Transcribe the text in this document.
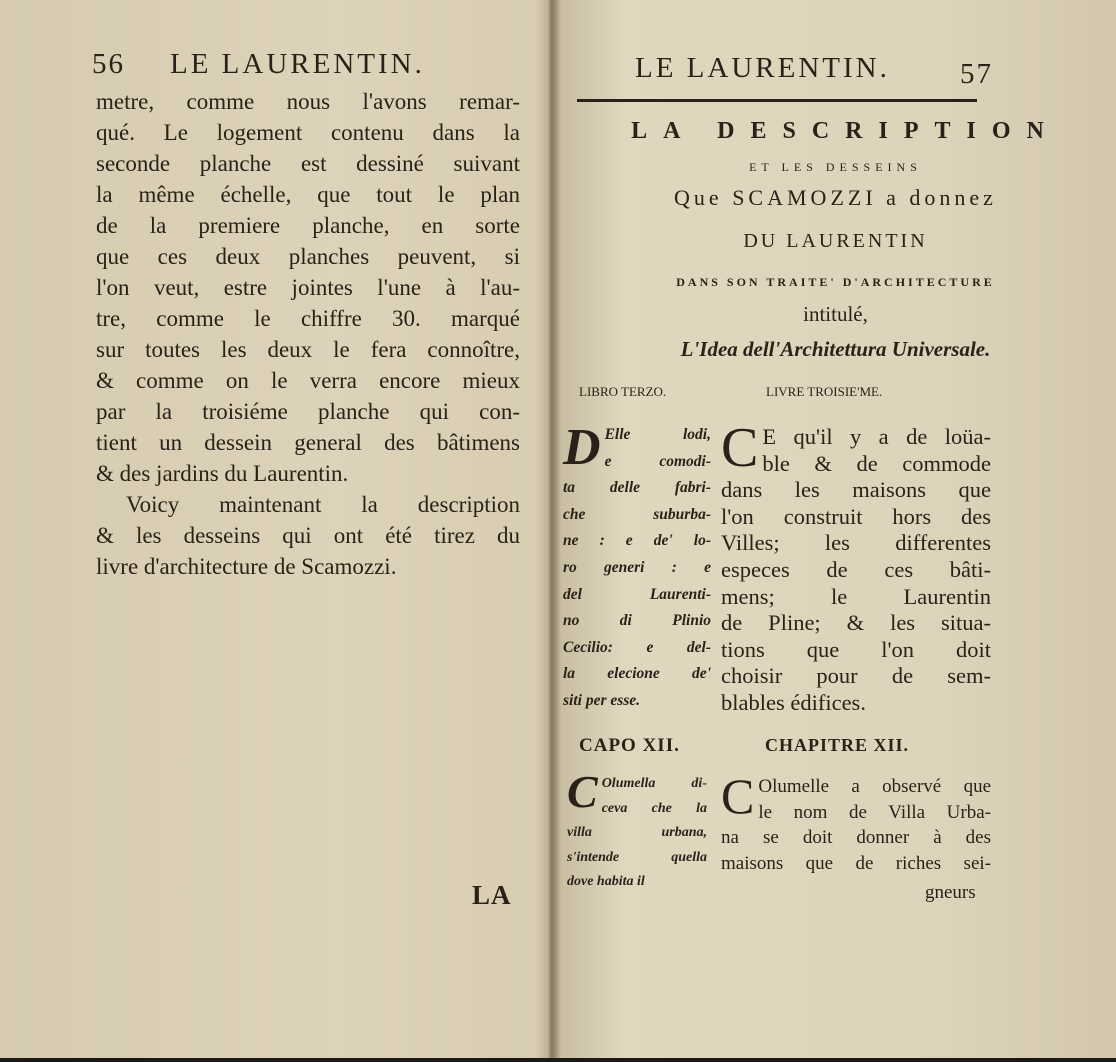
56 LE LAURENTIN.
metre, comme nous l'avons remar-
qué. Le logement contenu dans la
seconde planche est dessiné suivant
la même échelle, que tout le plan
de la premiere planche, en sorte
que ces deux planches peuvent, si
l'on veut, estre jointes l'une à l'au-
tre, comme le chiffre 30. marqué
sur toutes les deux le fera connoître,
& comme on le verra encore mieux
par la troisiéme planche qui con-
tient un dessein general des bâtimens
& des jardins du Laurentin.
Voicy maintenant la description
& les desseins qui ont été tirez du
livre d'architecture de Scamozzi.
LA
LE LAURENTIN. 57
LA DESCRIPTION
ET LES DESSEINS
Que SCAMOZZI a donnez
DU LAURENTIN
DANS SON TRAITE' D'ARCHITECTURE
intitulé,
L'Idea dell'Architettura Universale.
LIBRO TERZO.	LIVRE TROISIE'ME.
D Elle lodi,
e comodi-
ta delle fabri-
che suburba-
ne : e de' lo-
ro generi : e
del Laurenti-
no di Plinio
Cecilio: e del-
la elecione de'
siti per esse.
C E qu'il y a de loüa-
ble & de commode
dans les maisons que
l'on construit hors des
Villes; les differentes
especes de ces bâti-
mens; le Laurentin
de Pline; & les situa-
tions que l'on doit
choisir pour de sem-
blables édifices.
CAPO XII.	CHAPITRE XII.
C Olumella di-
ceva che la
villa urbana,
s'intende quella
dove habita il
C Olumelle a observé que
le nom de Villa Urba-
na se doit donner à des
maisons que de riches sei-
gneurs
